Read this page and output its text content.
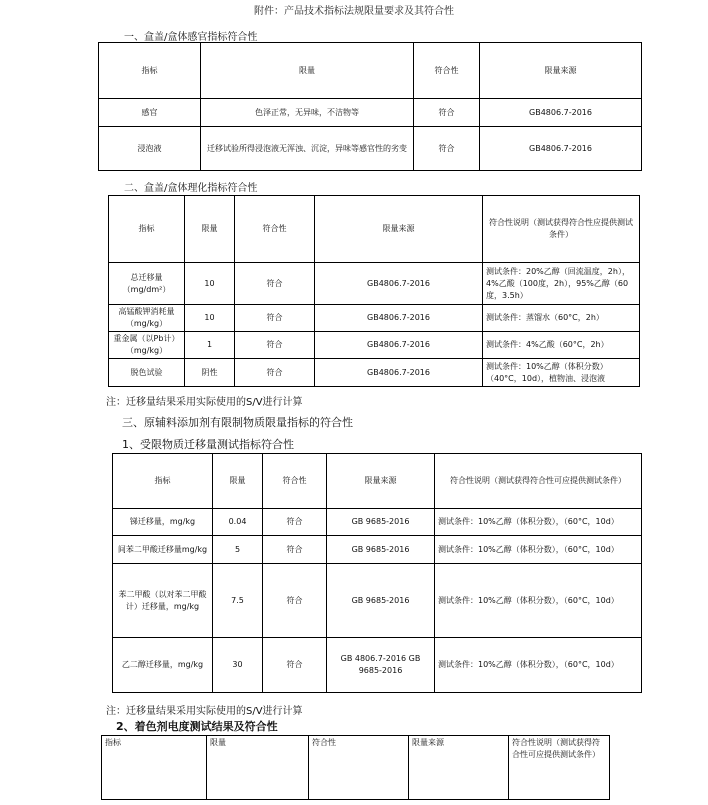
附件：产品技术指标法规限量要求及其符合性
一、盒盖/盒体感官指标符合性
指标	限量	符合性	限量来源
感官	色泽正常，无异味，不洁物等	符合	GB4806.7-2016
浸泡液	迁移试验所得浸泡液无浑浊、沉淀，异味等感官性的劣变	符合	GB4806.7-2016
二、盒盖/盒体理化指标符合性
指标	限量	符合性	限量来源	符合性说明（测试获得符合性应提供测试条件）
总迁移量（mg/dm²）	10	符合	GB4806.7-2016	测试条件：20%乙醇（回流温度，2h），4%乙酸（100度，2h），95%乙醇（60度，3.5h）
高锰酸钾消耗量（mg/kg）	10	符合	GB4806.7-2016	测试条件：蒸馏水（60°C，2h）
重金属（以Pb计）（mg/kg）	1	符合	GB4806.7-2016	测试条件：4%乙酸（60°C，2h）
脱色试验	阴性	符合	GB4806.7-2016	测试条件：10%乙醇（体积分数）（40°C，10d），植物油、浸泡液
注：迁移量结果采用实际使用的S/V进行计算
三、原辅料添加剂有限制物质限量指标的符合性
1、受限物质迁移量测试指标符合性
指标	限量	符合性	限量来源	符合性说明（测试获得符合性可应提供测试条件）
锑迁移量，mg/kg	0.04	符合	GB 9685-2016	测试条件：10%乙醇（体积分数），（60°C，10d）
间苯二甲酸迁移量mg/kg	5	符合	GB 9685-2016	测试条件：10%乙醇（体积分数），（60°C，10d）
苯二甲酸（以对苯二甲酸计）迁移量，mg/kg	7.5	符合	GB 9685-2016	测试条件：10%乙醇（体积分数），（60°C，10d）
乙二醇迁移量，mg/kg	30	符合	GB 4806.7-2016 GB 9685-2016	测试条件：10%乙醇（体积分数），（60°C，10d）
注：迁移量结果采用实际使用的S/V进行计算
2、着色剂电度测试结果及符合性
指标	限量	符合性	限量来源	符合性说明（测试获得符合性可应提供测试条件）
